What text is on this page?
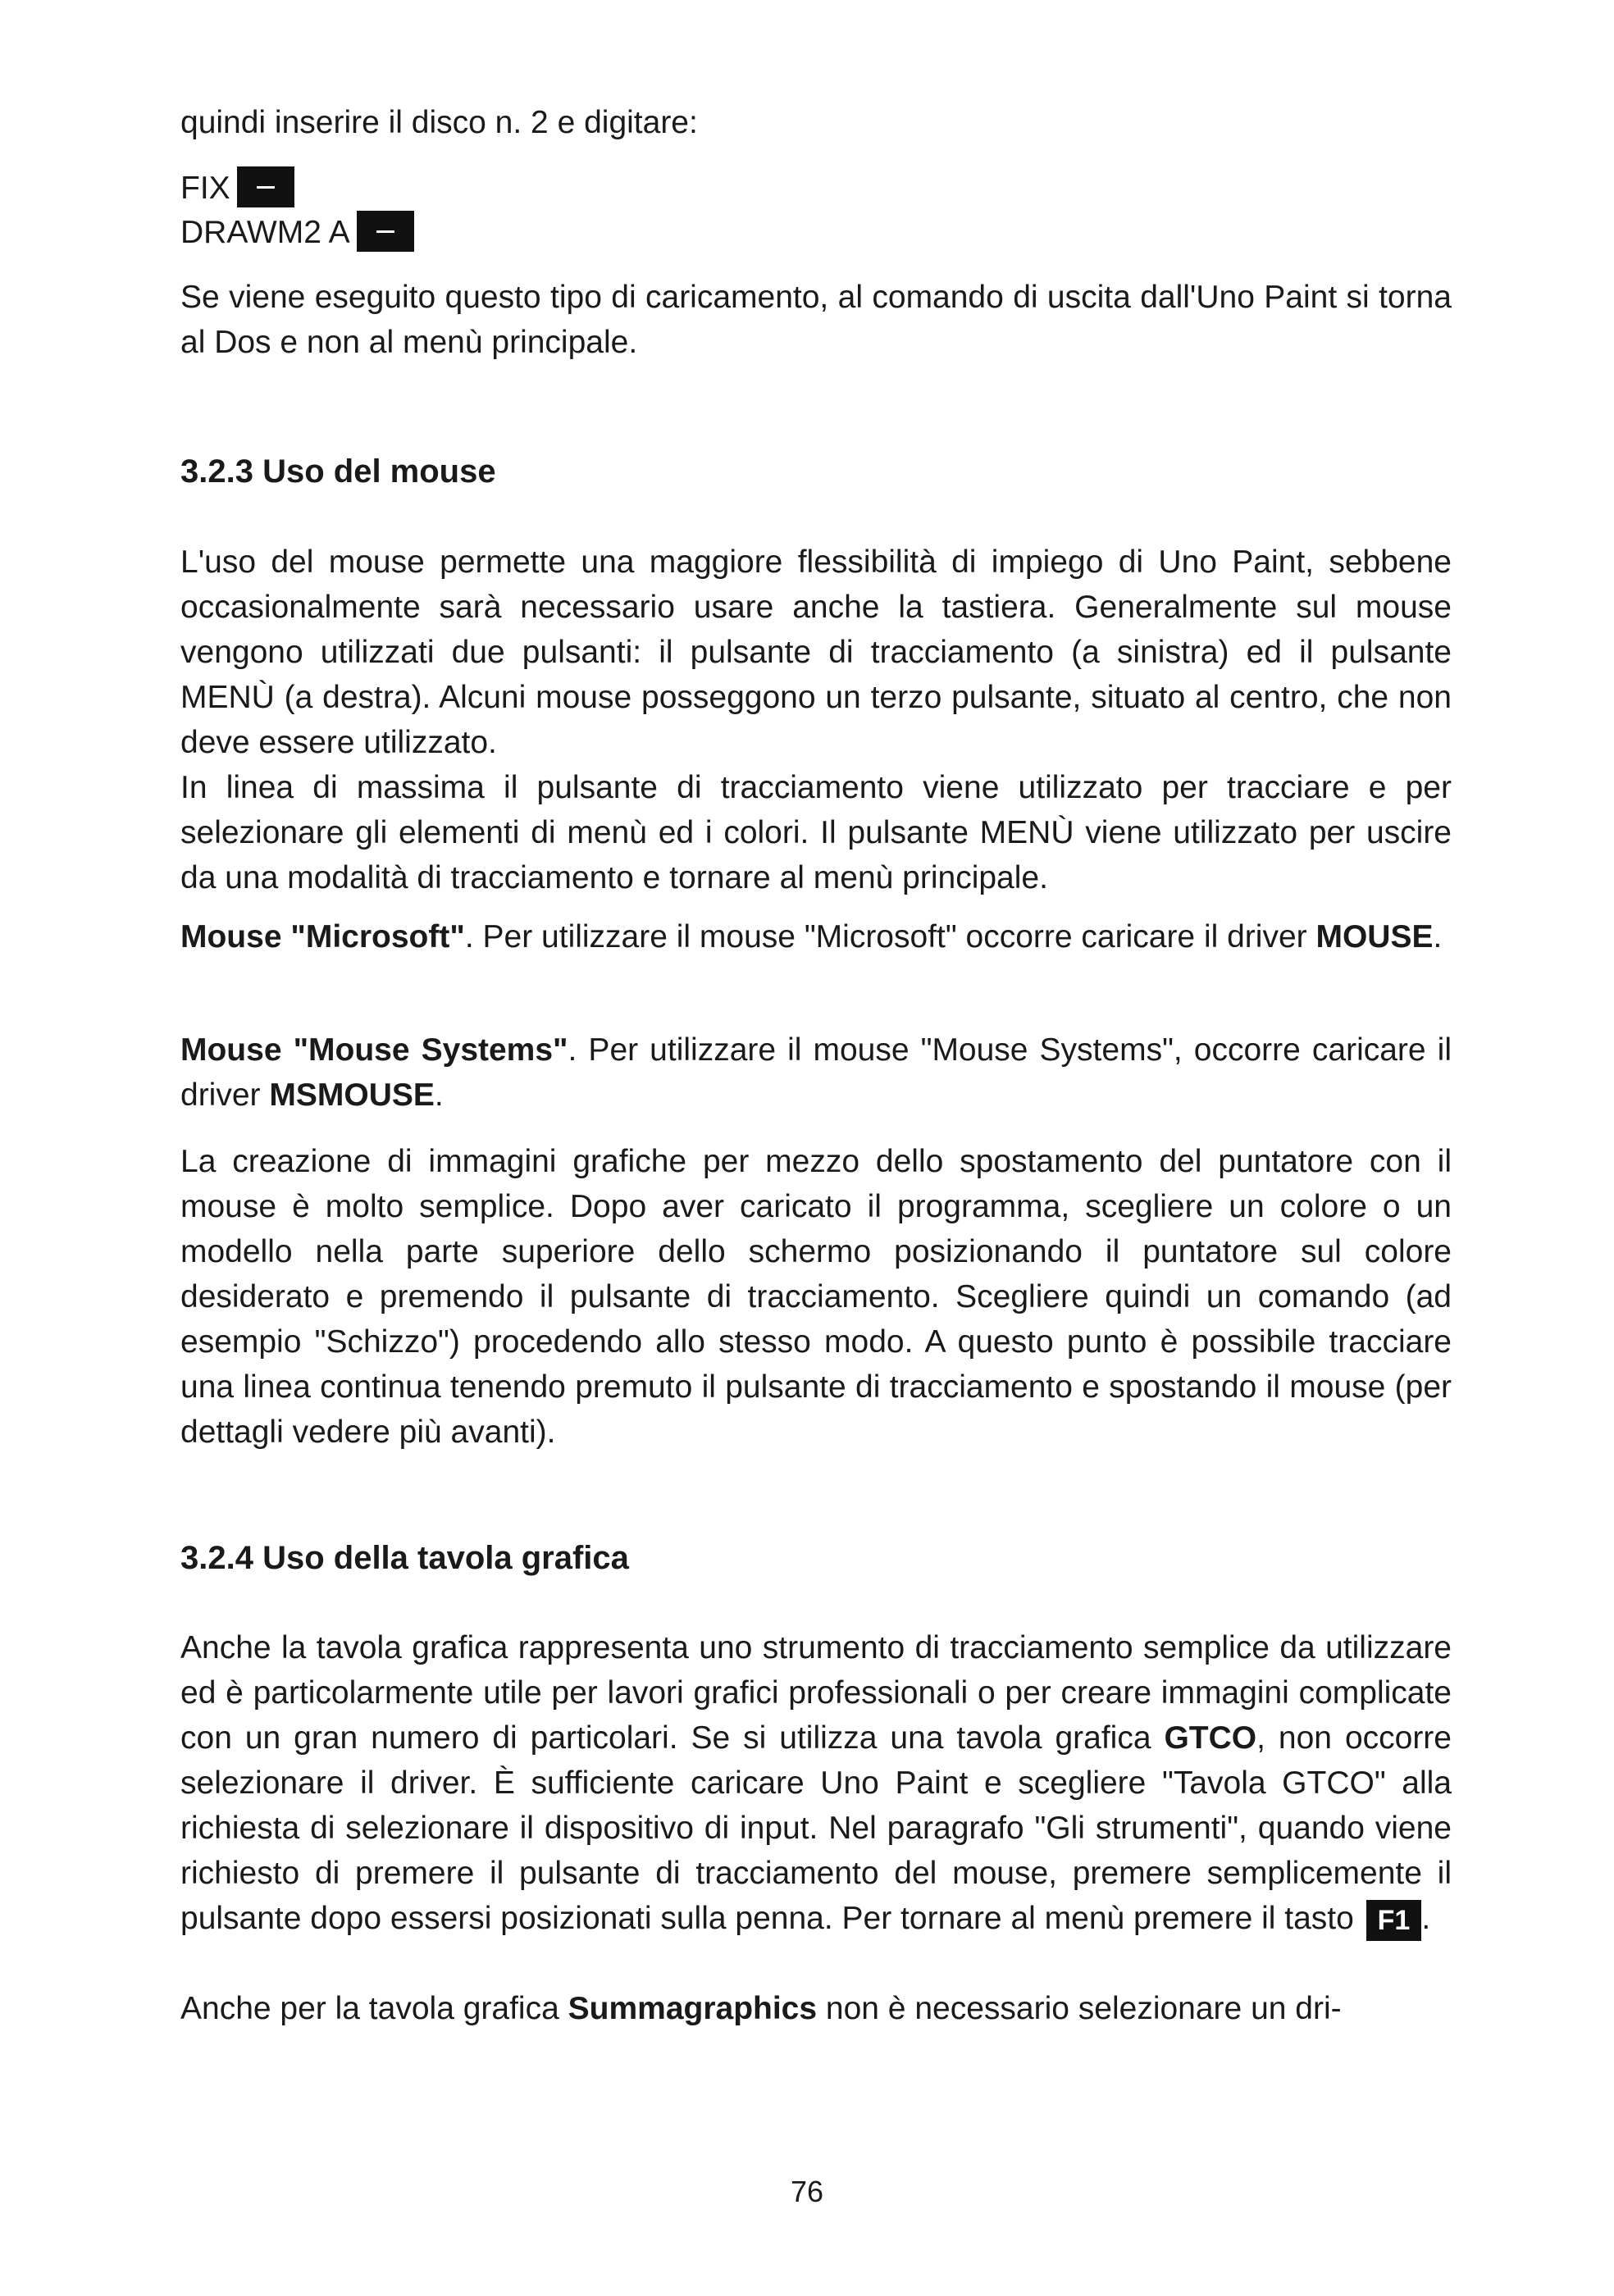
quindi inserire il disco n. 2 e digitare:
FIX
DRAWM2 A
Se viene eseguito questo tipo di caricamento, al comando di uscita dall'Uno Paint si torna al Dos e non al menù principale.
3.2.3 Uso del mouse
L'uso del mouse permette una maggiore flessibilità di impiego di Uno Paint, sebbene occasionalmente sarà necessario usare anche la tastiera. Generalmente sul mouse vengono utilizzati due pulsanti: il pulsante di tracciamento (a sinistra) ed il pulsante MENÙ (a destra). Alcuni mouse posseggono un terzo pulsante, situato al centro, che non deve essere utilizzato.
In linea di massima il pulsante di tracciamento viene utilizzato per tracciare e per selezionare gli elementi di menù ed i colori. Il pulsante MENÙ viene utilizzato per uscire da una modalità di tracciamento e tornare al menù principale.
Mouse "Microsoft". Per utilizzare il mouse "Microsoft" occorre caricare il driver MOUSE.
Mouse "Mouse Systems". Per utilizzare il mouse "Mouse Systems", occorre caricare il driver MSMOUSE.
La creazione di immagini grafiche per mezzo dello spostamento del puntatore con il mouse è molto semplice. Dopo aver caricato il programma, scegliere un colore o un modello nella parte superiore dello schermo posizionando il puntatore sul colore desiderato e premendo il pulsante di tracciamento. Scegliere quindi un comando (ad esempio "Schizzo") procedendo allo stesso modo. A questo punto è possibile tracciare una linea continua tenendo premuto il pulsante di tracciamento e spostando il mouse (per dettagli vedere più avanti).
3.2.4 Uso della tavola grafica
Anche la tavola grafica rappresenta uno strumento di tracciamento semplice da utilizzare ed è particolarmente utile per lavori grafici professionali o per creare immagini complicate con un gran numero di particolari. Se si utilizza una tavola grafica GTCO, non occorre selezionare il driver. È sufficiente caricare Uno Paint e scegliere "Tavola GTCO" alla richiesta di selezionare il dispositivo di input. Nel paragrafo "Gli strumenti", quando viene richiesto di premere il pulsante di tracciamento del mouse, premere semplicemente il pulsante dopo essersi posizionati sulla penna. Per tornare al menù premere il tasto F1 .
Anche per la tavola grafica Summagraphics non è necessario selezionare un dri-
76
